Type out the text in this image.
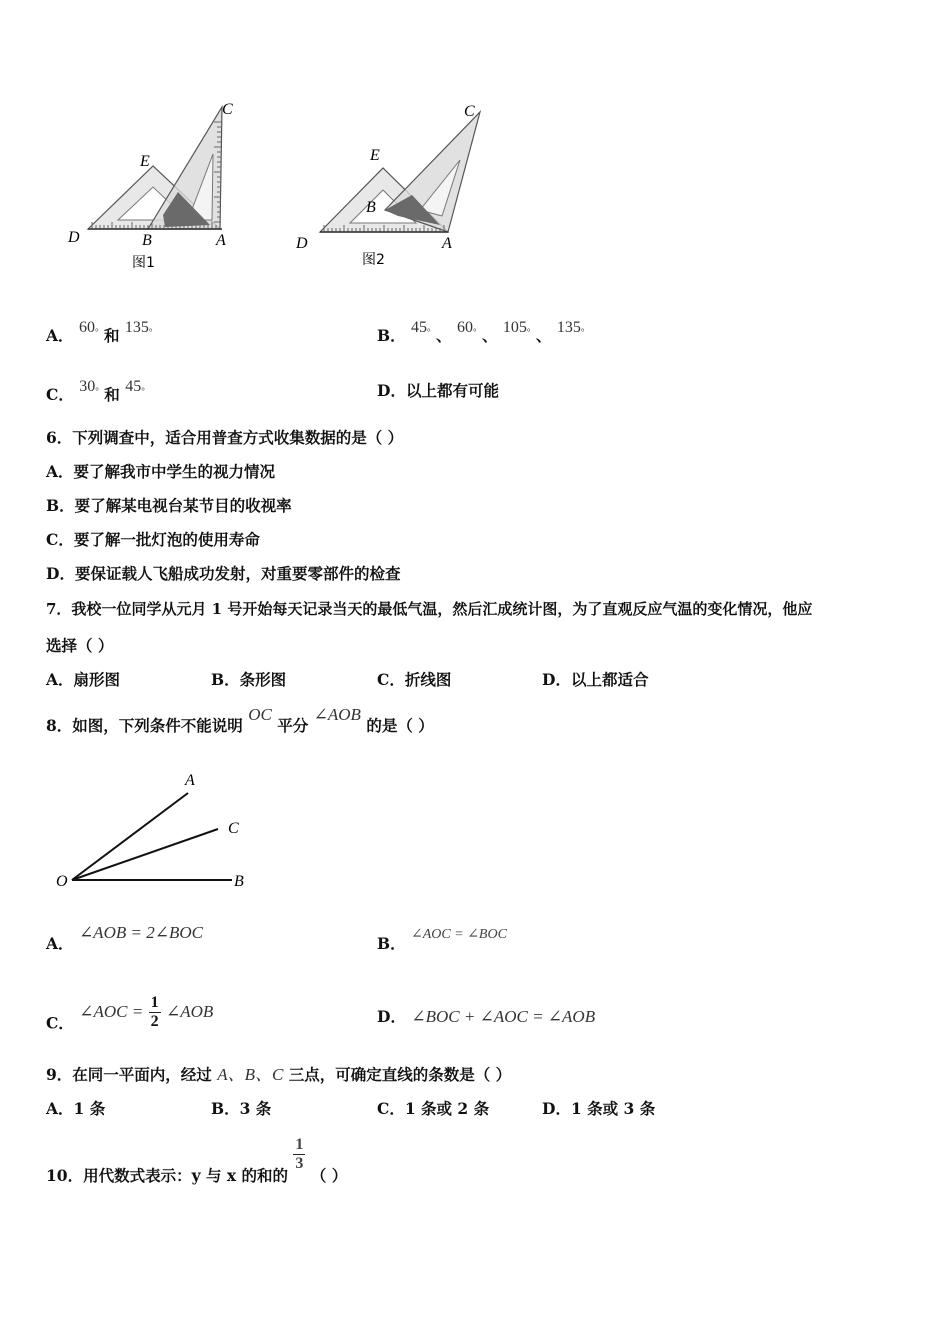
C
E
D	B	A
图1
C
E
B
D	A
图2
A． 60° 和 135°	B． 45° 、 60° 、 105° 、 135°
C． 30° 和 45°	D．以上都有可能
6．下列调查中，适合用普查方式收集数据的是（ ）
A．要了解我市中学生的视力情况
B．要了解某电视台某节目的收视率
C．要了解一批灯泡的使用寿命
D．要保证载人飞船成功发射，对重要零部件的检查
7．我校一位同学从元月 1 号开始每天记录当天的最低气温，然后汇成统计图，为了直观反应气温的变化情况，他应
选择（ ）
A．扇形图	B．条形图	C．折线图	D．以上都适合
8．如图，下列条件不能说明 OC 平分 ∠AOB 的是（ ）
A
C
O	B
A． ∠AOB = 2∠BOC
B． ∠AOC = ∠BOC
C． ∠AOC = $\frac{1}{2}$ ∠AOB	D． ∠BOC + ∠AOC = ∠AOB
9．在同一平面内，经过 A、B、C 三点，可确定直线的条数是（ ）
A．1 条	B．3 条	C．1 条或 2 条	D．1 条或 3 条
10．用代数式表示：y 与 x 的和的
$\frac{1}{3}$
（ ）
